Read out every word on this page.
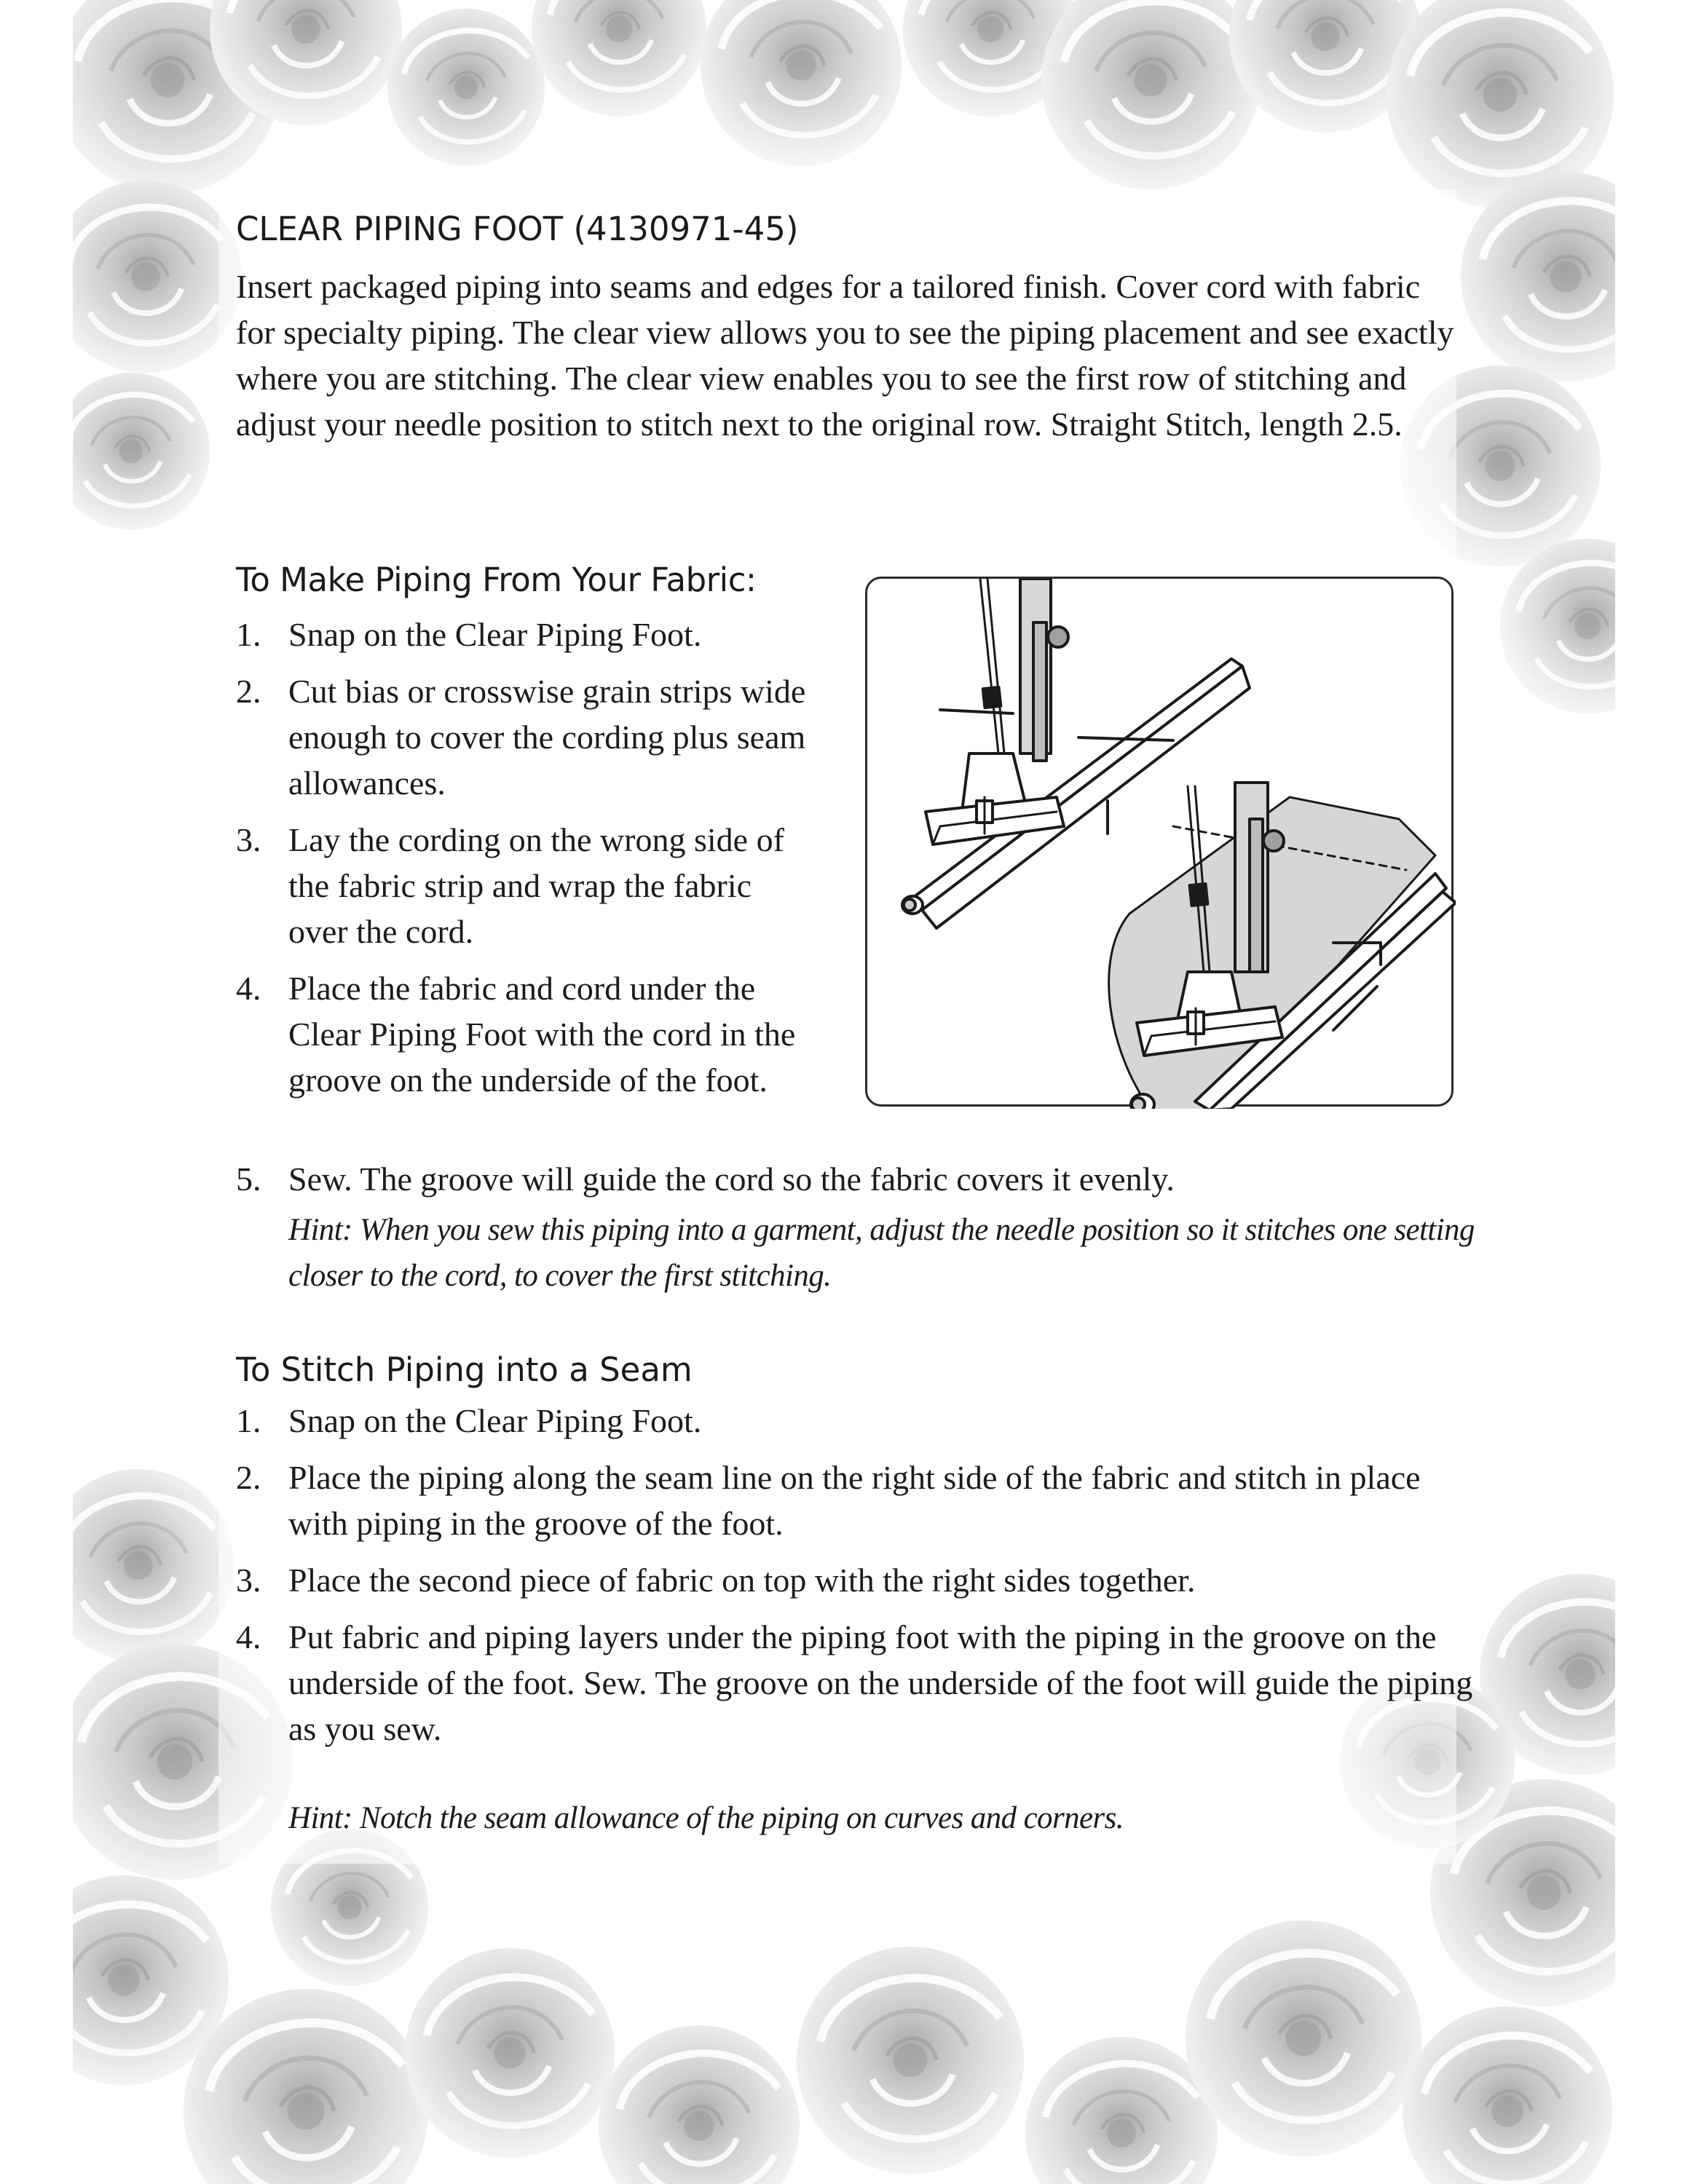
CLEAR PIPING FOOT (4130971-45)

Insert packaged piping into seams and edges for a tailored finish. Cover cord with fabric for specialty piping. The clear view allows you to see the piping placement and see exactly where you are stitching. The clear view enables you to see the first row of stitching and adjust your needle position to stitch next to the original row. Straight Stitch, length 2.5.

To Make Piping From Your Fabric:
1. Snap on the Clear Piping Foot.
2. Cut bias or crosswise grain strips wide enough to cover the cording plus seam allowances.
3. Lay the cording on the wrong side of the fabric strip and wrap the fabric over the cord.
4. Place the fabric and cord under the Clear Piping Foot with the cord in the groove on the underside of the foot.
5. Sew. The groove will guide the cord so the fabric covers it evenly.

Hint: When you sew this piping into a garment, adjust the needle position so it stitches one setting closer to the cord, to cover the first stitching.

To Stitch Piping into a Seam
1. Snap on the Clear Piping Foot.
2. Place the piping along the seam line on the right side of the fabric and stitch in place with piping in the groove of the foot.
3. Place the second piece of fabric on top with the right sides together.
4. Put fabric and piping layers under the piping foot with the piping in the groove on the underside of the foot. Sew. The groove on the underside of the foot will guide the piping as you sew.

Hint: Notch the seam allowance of the piping on curves and corners.
